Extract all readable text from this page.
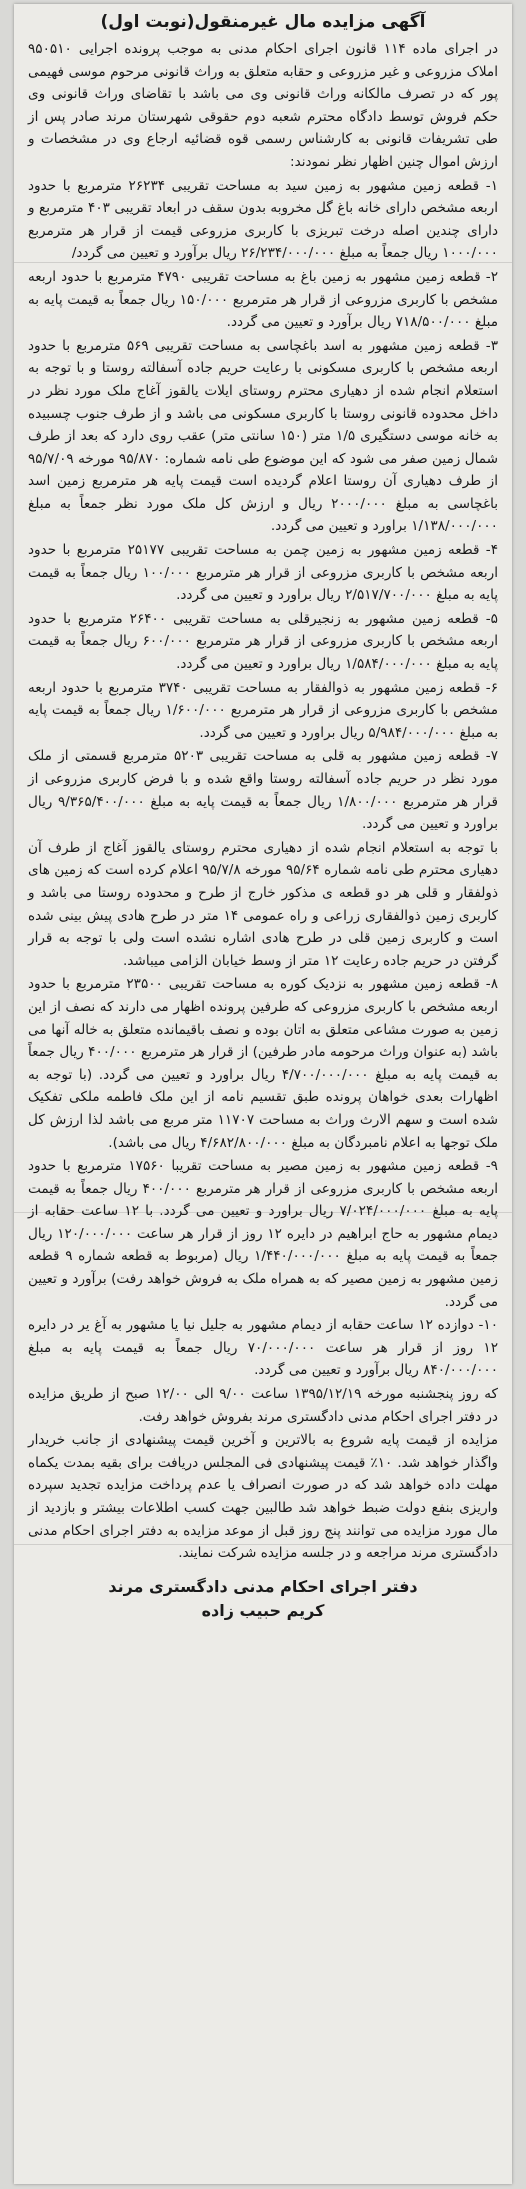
آگهی مزایده مال غیرمنقول(نوبت اول)

در اجرای ماده ۱۱۴ قانون اجرای احکام مدنی به موجب پرونده اجرایی ۹۵۰۵۱۰ املاک مزروعی و غیر مزروعی و حقابه متعلق به وراث قانونی مرحوم موسی فهیمی پور که در تصرف مالکانه وراث قانونی وی می باشد با تقاضای وراث قانونی وی حکم فروش توسط دادگاه محترم شعبه دوم حقوقی شهرستان مرند صادر پس از طی تشریفات قانونی به کارشناس رسمی قوه قضائیه ارجاع وی در مشخصات و ارزش اموال چنین اظهار نظر نمودند:

۱- قطعه زمین مشهور به زمین سید به مساحت تقریبی ۲۶۲۳۴ مترمربع با حدود اربعه مشخص دارای خانه باغ گل مخروبه بدون سقف در ابعاد تقریبی ۴۰۳ مترمربع و دارای چندین اصله درخت تبریزی با کاربری مزروعی قیمت از قرار هر مترمربع ۱۰۰۰/۰۰۰ ریال جمعاً به مبلغ ۲۶/۲۳۴/۰۰۰/۰۰۰ ریال برآورد و تعیین می گردد/

۲- قطعه زمین مشهور به زمین باغ به مساحت تقریبی ۴۷۹۰ مترمربع با حدود اربعه مشخص با کاربری مزروعی از قرار هر مترمربع ۱۵۰/۰۰۰ ریال جمعاً به قیمت پایه به مبلغ ۷۱۸/۵۰۰/۰۰۰ ریال برآورد و تعیین می گردد.

۳- قطعه زمین مشهور به اسد باغچاسی به مساحت تقریبی ۵۶۹ مترمربع با حدود اربعه مشخص با کاربری مسکونی با رعایت حریم جاده آسفالته روستا و با توجه به استعلام انجام شده از دهیاری محترم روستای ایلات یالقوز آغاج ملک مورد نظر در داخل محدوده قانونی روستا با کاربری مسکونی می باشد و از طرف جنوب چسبیده به خانه موسی دستگیری ۱/۵ متر (۱۵۰ سانتی متر) عقب روی دارد که بعد از طرف شمال زمین صفر می شود که این موضوع طی نامه شماره: ۹۵/۸۷۰ مورخه ۹۵/۷/۰۹ از طرف دهیاری آن روستا اعلام گردیده است قیمت پایه هر مترمربع زمین اسد باغچاسی به مبلغ ۲۰۰۰/۰۰۰ ریال و ارزش کل ملک مورد نظر جمعاً به مبلغ ۱/۱۳۸/۰۰۰/۰۰۰ براورد و تعیین می گردد.

۴- قطعه زمین مشهور به زمین چمن به مساحت تقریبی ۲۵۱۷۷ مترمربع با حدود اربعه مشخص با کاربری مزروعی از قرار هر مترمربع ۱۰۰/۰۰۰ ریال جمعاً به قیمت پایه به مبلغ ۲/۵۱۷/۷۰۰/۰۰۰ ریال براورد و تعیین می گردد.

۵- قطعه زمین مشهور به زنجیرقلی به مساحت تقریبی ۲۶۴۰۰ مترمربع با حدود اربعه مشخص با کاربری مزروعی از قرار هر مترمربع ۶۰۰/۰۰۰ ریال جمعاً به قیمت پایه به مبلغ ۱/۵۸۴/۰۰۰/۰۰۰ ریال براورد و تعیین می گردد.

۶- قطعه زمین مشهور به ذوالفقار به مساحت تقریبی ۳۷۴۰ مترمربع با حدود اربعه مشخص با کاربری مزروعی از قرار هر مترمربع ۱/۶۰۰/۰۰۰ ریال جمعاً به قیمت پایه به مبلغ ۵/۹۸۴/۰۰۰/۰۰۰ ریال براورد و تعیین می گردد.

۷- قطعه زمین مشهور به قلی به مساحت تقریبی ۵۲۰۳ مترمربع قسمتی از ملک مورد نظر در حریم جاده آسفالته روستا واقع شده و با فرض کاربری مزروعی از قرار هر مترمربع ۱/۸۰۰/۰۰۰ ریال جمعاً به قیمت پایه به مبلغ ۹/۳۶۵/۴۰۰/۰۰۰ ریال براورد و تعیین می گردد.

با توجه به استعلام انجام شده از دهیاری محترم روستای یالقوز آغاج از طرف آن دهیاری محترم طی نامه شماره ۹۵/۶۴ مورخه ۹۵/۷/۸ اعلام کرده است که زمین های ذولفقار و قلی هر دو قطعه ی مذکور خارج از طرح و محدوده روستا می باشد و کاربری زمین ذوالفقاری زراعی و راه عمومی ۱۴ متر در طرح هادی پیش بینی شده است و کاربری زمین قلی در طرح هادی اشاره نشده است ولی با توجه به قرار گرفتن در حریم جاده رعایت ۱۲ متر از وسط خیابان الزامی میباشد.

۸- قطعه زمین مشهور به نزدیک کوره به مساحت تقریبی ۲۳۵۰۰ مترمربع با حدود اربعه مشخص با کاربری مزروعی که طرفین پرونده اظهار می دارند که نصف از این زمین به صورت مشاعی متعلق به اتان بوده و نصف باقیمانده متعلق به خاله آنها می باشد (به عنوان وراث مرحومه مادر طرفین) از قرار هر مترمربع ۴۰۰/۰۰۰ ریال جمعاً به قیمت پایه به مبلغ ۴/۷۰۰/۰۰۰/۰۰۰ ریال براورد و تعیین می گردد. (با توجه به اظهارات بعدی خواهان پرونده طبق تقسیم نامه از این ملک فاطمه ملکی تفکیک شده است و سهم الارث وراث به مساحت ۱۱۷۰۷ متر مربع می باشد لذا ارزش کل ملک توجها به اعلام نامبردگان به مبلغ ۴/۶۸۲/۸۰۰/۰۰۰ ریال می باشد).

۹- قطعه زمین مشهور به زمین مصیر به مساحت تقریبا ۱۷۵۶۰ مترمربع با حدود اربعه مشخص با کاربری مزروعی از قرار هر مترمربع ۴۰۰/۰۰۰ ریال جمعاً به قیمت پایه به مبلغ ۷/۰۲۴/۰۰۰/۰۰۰ ریال براورد و تعیین می گردد. با ۱۲ ساعت حقابه از دیمام مشهور به حاج ابراهیم در دایره ۱۲ روز از قرار هر ساعت ۱۲۰/۰۰۰/۰۰۰ ریال جمعاً به قیمت پایه به مبلغ ۱/۴۴۰/۰۰۰/۰۰۰ ریال (مربوط به قطعه شماره ۹ قطعه زمین مشهور به زمین مصیر که به همراه ملک به فروش خواهد رفت) برآورد و تعیین می گردد.

۱۰- دوازده ۱۲ ساعت حقابه از دیمام مشهور به جلیل نیا یا مشهور به آغ یر در دایره ۱۲ روز از قرار هر ساعت ۷۰/۰۰۰/۰۰۰ ریال جمعاً به قیمت پایه به مبلغ ۸۴۰/۰۰۰/۰۰۰ ریال برآورد و تعیین می گردد.

که روز پنجشنبه مورخه ۱۳۹۵/۱۲/۱۹ ساعت ۹/۰۰ الی ۱۲/۰۰ صبح از طریق مزایده در دفتر اجرای احکام مدنی دادگستری مرند بفروش خواهد رفت.

مزایده از قیمت پایه شروع به بالاترین و آخرین قیمت پیشنهادی از جانب خریدار واگذار خواهد شد. ۱۰٪ قیمت پیشنهادی فی المجلس دریافت برای بقیه بمدت یکماه مهلت داده خواهد شد که در صورت انصراف یا عدم پرداخت مزایده تجدید سپرده واریزی بنفع دولت ضبط خواهد شد طالبین جهت کسب اطلاعات بیشتر و بازدید از مال مورد مزایده می توانند پنج روز قبل از موعد مزایده به دفتر اجرای احکام مدنی دادگستری مرند مراجعه و در جلسه مزایده شرکت نمایند.

دفتر اجرای احکام مدنی دادگستری مرند
کریم حبیب زاده
